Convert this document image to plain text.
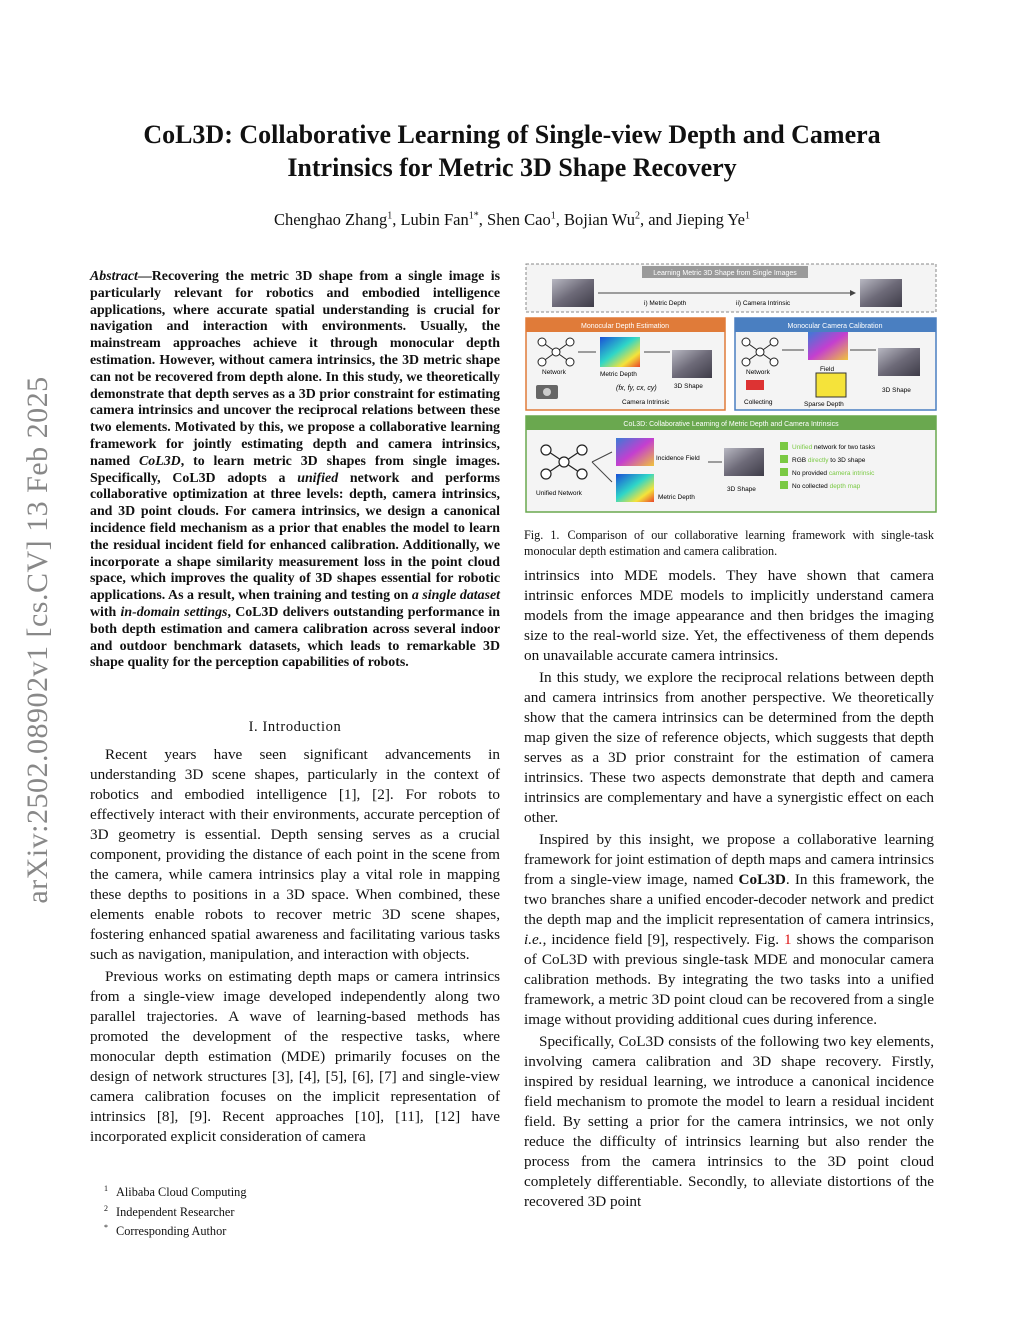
arXiv:2502.08902v1 [cs.CV] 13 Feb 2025
CoL3D: Collaborative Learning of Single-view Depth and Camera
Intrinsics for Metric 3D Shape Recovery
Chenghao Zhang$^1$, Lubin Fan$^{1*}$, Shen Cao$^1$, Bojian Wu$^2$, and Jieping Ye$^1$
Abstract—Recovering the metric 3D shape from a single image is particularly relevant for robotics and embodied intelligence applications, where accurate spatial understanding is crucial for navigation and interaction with environments. Usually, the mainstream approaches achieve it through monocular depth estimation. However, without camera intrinsics, the 3D metric shape can not be recovered from depth alone. In this study, we theoretically demonstrate that depth serves as a 3D prior constraint for estimating camera intrinsics and uncover the reciprocal relations between these two elements. Motivated by this, we propose a collaborative learning framework for jointly estimating depth and camera intrinsics, named CoL3D, to learn metric 3D shapes from single images. Specifically, CoL3D adopts a unified network and performs collaborative optimization at three levels: depth, camera intrinsics, and 3D point clouds. For camera intrinsics, we design a canonical incidence field mechanism as a prior that enables the model to learn the residual incident field for enhanced calibration. Additionally, we incorporate a shape similarity measurement loss in the point cloud space, which improves the quality of 3D shapes essential for robotic applications. As a result, when training and testing on a single dataset with in-domain settings, CoL3D delivers outstanding performance in both depth estimation and camera calibration across several indoor and outdoor benchmark datasets, which leads to remarkable 3D shape quality for the perception capabilities of robots.
I. Introduction

Recent years have seen significant advancements in understanding 3D scene shapes, particularly in the context of robotics and embodied intelligence [1], [2]. For robots to effectively interact with their environments, accurate perception of 3D geometry is essential. Depth sensing serves as a crucial component, providing the distance of each point in the scene from the camera, while camera intrinsics play a vital role in mapping these depths to positions in a 3D space. When combined, these elements enable robots to recover metric 3D scene shapes, fostering enhanced spatial awareness and facilitating various tasks such as navigation, manipulation, and interaction with objects.

Previous works on estimating depth maps or camera intrinsics from a single-view image developed independently along two parallel trajectories. A wave of learning-based methods has promoted the development of the respective tasks, where monocular depth estimation (MDE) primarily focuses on the design of network structures [3], [4], [5], [6], [7] and single-view camera calibration focuses on the implicit representation of intrinsics [8], [9]. Recent approaches [10], [11], [12] have incorporated explicit consideration of camera

$^1$ Alibaba Cloud Computing
$^2$ Independent Researcher
* Corresponding Author
Learning Metric 3D Shape from Single Images
i) Metric Depth	ii) Camera Intrinsic
Monocular Depth Estimation
Network	Metric Depth
3D Shape
(fx, fy, cx, cy)
Camera Intrinsic
Monocular Camera Calibration
Network	Field
Sparse Depth
Collecting
3D Shape
CoL3D: Collaborative Learning of Metric Depth and Camera Intrinsics
Unified Network
Incidence Field
Metric Depth
3D Shape
Unified network for two tasks
RGB directly to 3D shape
No provided camera intrinsic
No collected depth map
Fig. 1. Comparison of our collaborative learning framework with single-task monocular depth estimation and camera calibration.

intrinsics into MDE models. They have shown that camera intrinsic enforces MDE models to implicitly understand camera models from the image appearance and then bridges the imaging size to the real-world size. Yet, the effectiveness of them depends on unavailable accurate camera intrinsics.

In this study, we explore the reciprocal relations between depth and camera intrinsics from another perspective. We theoretically show that the camera intrinsics can be determined from the depth map given the size of reference objects, which suggests that depth serves as a 3D prior constraint for the estimation of camera intrinsics. These two aspects demonstrate that depth and camera intrinsics are complementary and have a synergistic effect on each other.

Inspired by this insight, we propose a collaborative learning framework for joint estimation of depth maps and camera intrinsics from a single-view image, named CoL3D. In this framework, the two branches share a unified encoder-decoder network and predict the depth map and the implicit representation of camera intrinsics, i.e., incidence field [9], respectively. Fig. 1 shows the comparison of CoL3D with previous single-task MDE and monocular camera calibration methods. By integrating the two tasks into a unified framework, a metric 3D point cloud can be recovered from a single image without providing additional cues during inference.

Specifically, CoL3D consists of the following two key elements, involving camera calibration and 3D shape recovery. Firstly, inspired by residual learning, we introduce a canonical incidence field mechanism to promote the model to learn a residual incident field. By setting a prior for the camera intrinsics, we not only reduce the difficulty of intrinsics learning but also render the process from the camera intrinsics to the 3D point cloud completely differentiable. Secondly, to alleviate distortions of the recovered 3D point
